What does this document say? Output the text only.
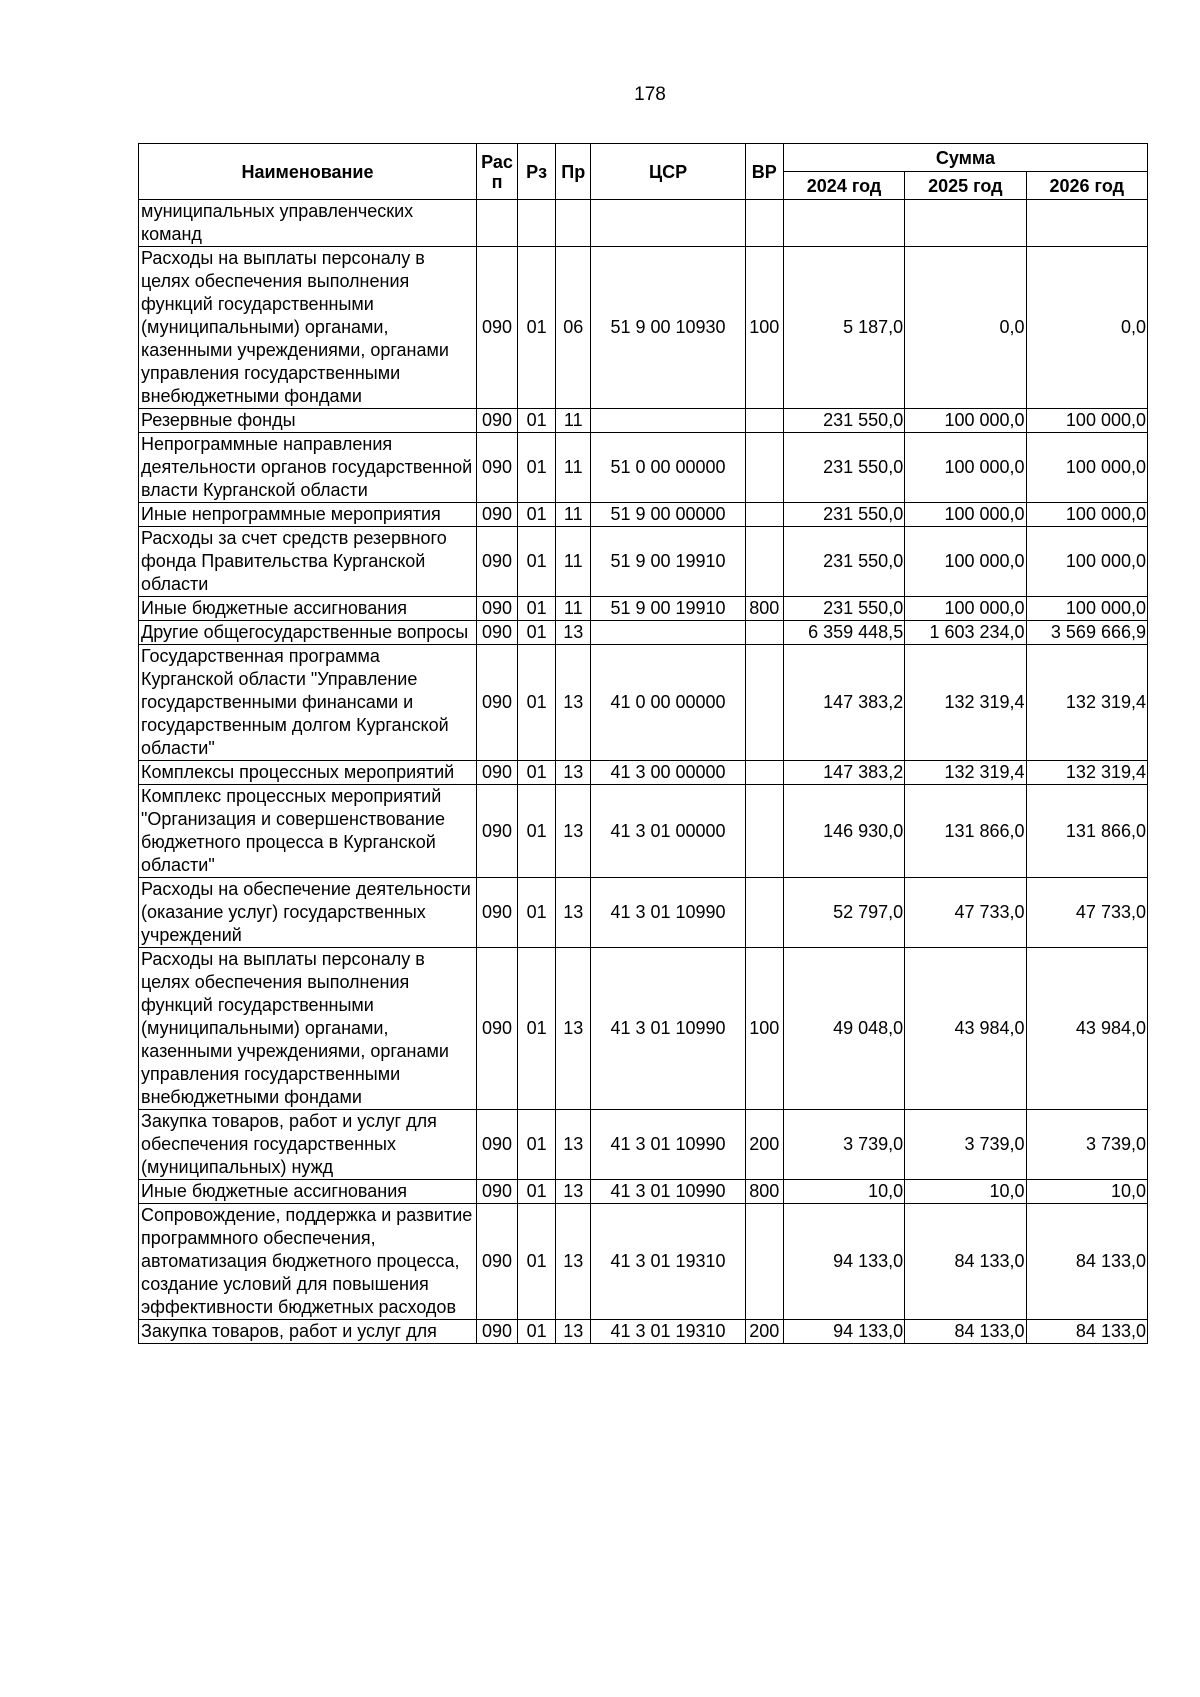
178
Наименование	Рас п	Рз	Пр	ЦСР	ВР	Сумма		
						2024 год	2025 год	2026 год
муниципальных управленческих команд								
Расходы на выплаты персоналу в целях обеспечения выполнения функций государственными (муниципальными) органами, казенными учреждениями, органами управления государственными внебюджетными фондами	090	01	06	51 9 00 10930	100	5 187,0	0,0	0,0
Резервные фонды	090	01	11			231 550,0	100 000,0	100 000,0
Непрограммные направления деятельности органов государственной власти Курганской области	090	01	11	51 0 00 00000		231 550,0	100 000,0	100 000,0
Иные непрограммные мероприятия	090	01	11	51 9 00 00000		231 550,0	100 000,0	100 000,0
Расходы за счет средств резервного фонда Правительства Курганской области	090	01	11	51 9 00 19910		231 550,0	100 000,0	100 000,0
Иные бюджетные ассигнования	090	01	11	51 9 00 19910	800	231 550,0	100 000,0	100 000,0
Другие общегосударственные вопросы	090	01	13			6 359 448,5	1 603 234,0	3 569 666,9
Государственная программа Курганской области "Управление государственными финансами и государственным долгом Курганской области"	090	01	13	41 0 00 00000		147 383,2	132 319,4	132 319,4
Комплексы процессных мероприятий	090	01	13	41 3 00 00000		147 383,2	132 319,4	132 319,4
Комплекс процессных мероприятий "Организация и совершенствование бюджетного процесса в Курганской области"	090	01	13	41 3 01 00000		146 930,0	131 866,0	131 866,0
Расходы на обеспечение деятельности (оказание услуг) государственных учреждений	090	01	13	41 3 01 10990		52 797,0	47 733,0	47 733,0
Расходы на выплаты персоналу в целях обеспечения выполнения функций государственными (муниципальными) органами, казенными учреждениями, органами управления государственными внебюджетными фондами	090	01	13	41 3 01 10990	100	49 048,0	43 984,0	43 984,0
Закупка товаров, работ и услуг для обеспечения государственных (муниципальных) нужд	090	01	13	41 3 01 10990	200	3 739,0	3 739,0	3 739,0
Иные бюджетные ассигнования	090	01	13	41 3 01 10990	800	10,0	10,0	10,0
Сопровождение, поддержка и развитие программного обеспечения, автоматизация бюджетного процесса, создание условий для повышения эффективности бюджетных расходов	090	01	13	41 3 01 19310		94 133,0	84 133,0	84 133,0
Закупка товаров, работ и услуг для	090	01	13	41 3 01 19310	200	94 133,0	84 133,0	84 133,0
